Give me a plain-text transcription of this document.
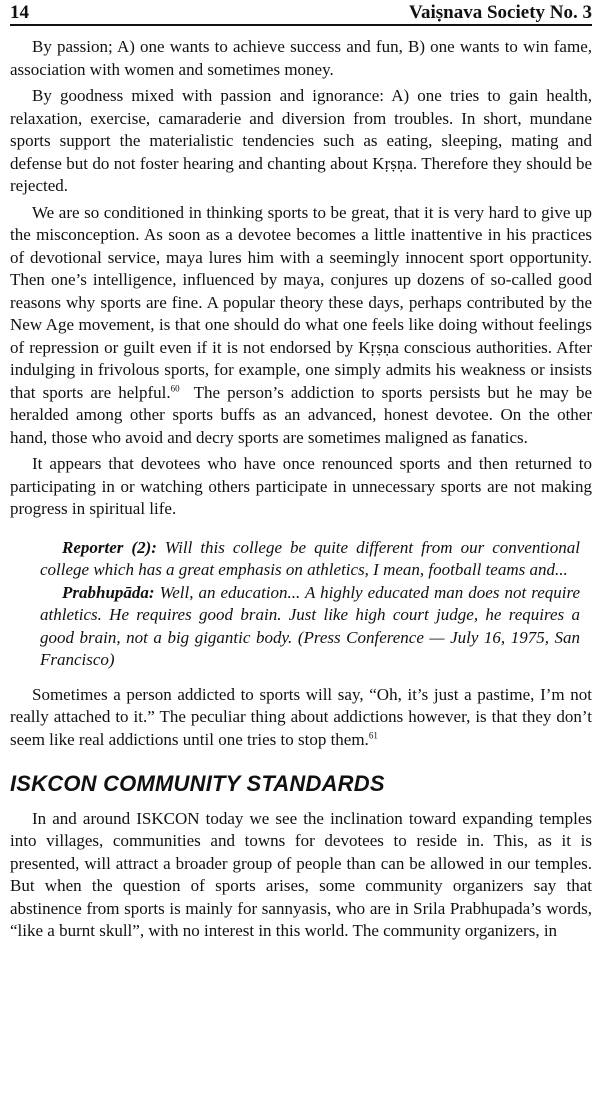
14	Vaiṣnava Society No. 3

By passion; A) one wants to achieve success and fun, B) one wants to win fame, association with women and sometimes money.

By goodness mixed with passion and ignorance: A) one tries to gain health, relaxation, exercise, camaraderie and diversion from troubles. In short, mundane sports support the materialistic tendencies such as eating, sleeping, mating and defense but do not foster hearing and chanting about Kṛṣṇa. Therefore they should be rejected.

We are so conditioned in thinking sports to be great, that it is very hard to give up the misconception. As soon as a devotee becomes a little inattentive in his practices of devotional service, maya lures him with a seemingly innocent sport opportunity. Then one’s intelligence, influenced by maya, conjures up dozens of so-called good reasons why sports are fine. A popular theory these days, perhaps contributed by the New Age movement, is that one should do what one feels like doing without feelings of repression or guilt even if it is not endorsed by Kṛṣṇa conscious authorities. After indulging in frivolous sports, for example, one simply admits his weakness or insists that sports are helpful.$^{60}$ The person’s addiction to sports persists but he may be heralded among other sports buffs as an advanced, honest devotee. On the other hand, those who avoid and decry sports are sometimes maligned as fanatics.

It appears that devotees who have once renounced sports and then returned to participating in or watching others participate in unnecessary sports are not making progress in spiritual life.

Reporter (2): Will this college be quite different from our conventional college which has a great emphasis on athletics, I mean, football teams and...

Prabhupāda: Well, an education... A highly educated man does not require athletics. He requires good brain. Just like high court judge, he requires a good brain, not a big gigantic body. (Press Conference — July 16, 1975, San Francisco)

Sometimes a person addicted to sports will say, “Oh, it’s just a pastime, I’m not really attached to it.” The peculiar thing about addictions however, is that they don’t seem like real addictions until one tries to stop them.$^{61}$

ISKCON COMMUNITY STANDARDS

In and around ISKCON today we see the inclination toward expanding temples into villages, communities and towns for devotees to reside in. This, as it is presented, will attract a broader group of people than can be allowed in our temples. But when the question of sports arises, some community organizers say that abstinence from sports is mainly for sannyasis, who are in Srila Prabhupada’s words, “like a burnt skull”, with no interest in this world. The community organizers, in
